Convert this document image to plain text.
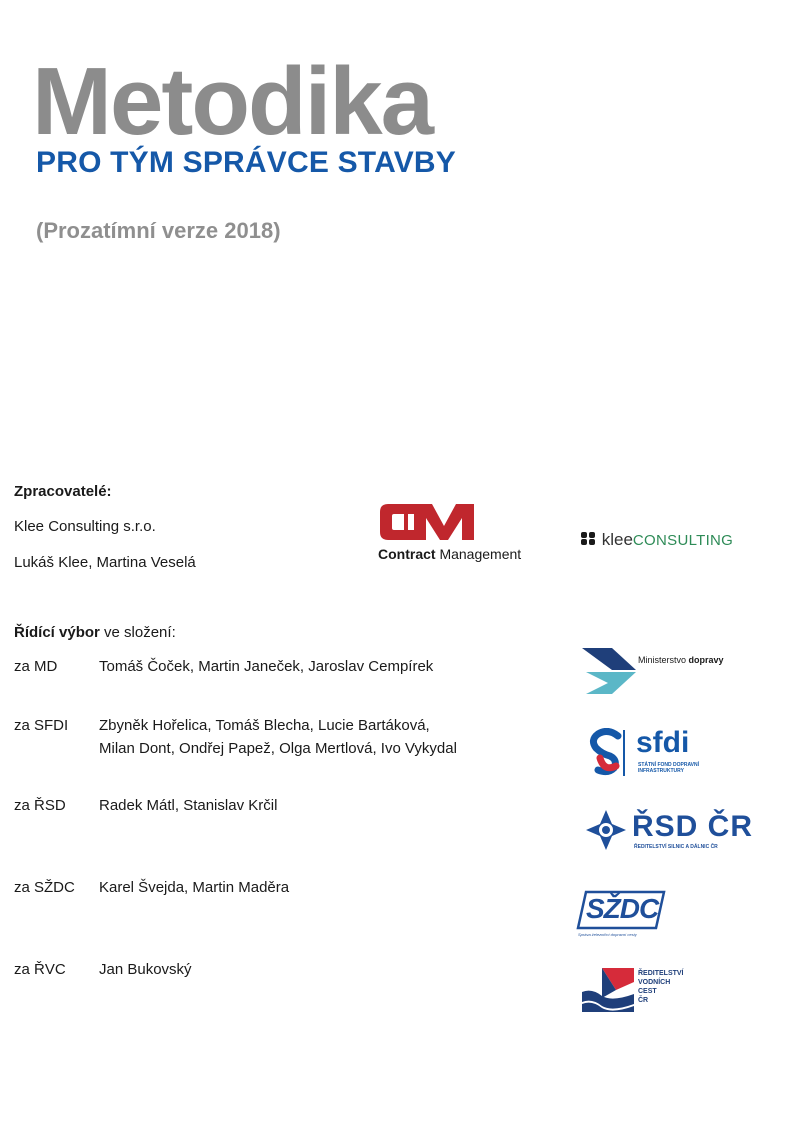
Metodika
PRO TÝM SPRÁVCE STAVBY
(Prozatímní verze 2018)
Zpracovatelé:
Klee Consulting s.r.o.
Lukáš Klee, Martina Veselá	Contract Management
kleeCONSULTING
Řídící výbor ve složení:
za MD	Tomáš Čoček, Martin Janeček, Jaroslav Cempírek
za SFDI	Zbyněk Hořelica, Tomáš Blecha, Lucie Bartáková,
Milan Dont, Ondřej Papež, Olga Mertlová, Ivo Vykydal
za ŘSD	Radek Mátl, Stanislav Krčil
za SŽDC	Karel Švejda, Martin Maděra
za ŘVC	Jan Bukovský
Ministerstvo dopravy
sfdi
STÁTNÍ FOND DOPRAVNÍ
INFRASTRUKTURY
ŘSD ČR
ŘEDITELSTVÍ SILNIC A DÁLNIC ČR
SŽDC
Správa železniční dopravní cesty
ŘEDITELSTVÍ
VODNÍCH
CEST
ČR
